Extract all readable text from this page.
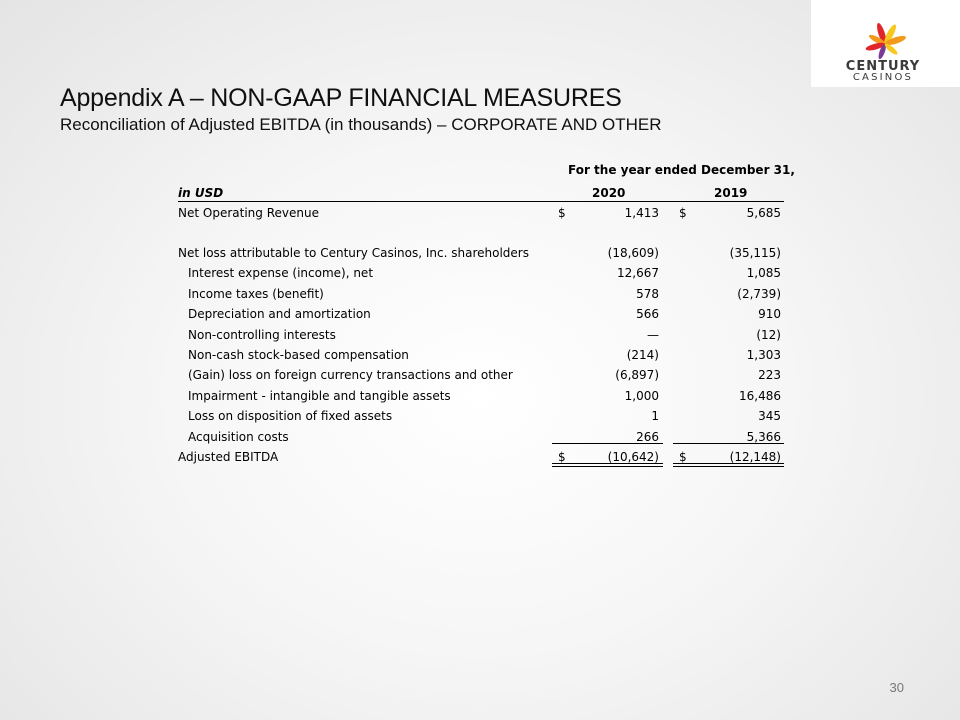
CENTURY
CASINOS
Appendix A – NON-GAAP FINANCIAL MEASURES
Reconciliation of Adjusted EBITDA (in thousands) – CORPORATE AND OTHER
For the year ended December 31,
in USD	2020	2019
Net Operating Revenue	1,413	5,685
$	$
Net loss attributable to Century Casinos, Inc. shareholders	(18,609)	(35,115)
Interest expense (income), net	12,667	1,085
Income taxes (benefit)	578	(2,739)
Depreciation and amortization	566	910
Non-controlling interests	—	(12)
Non-cash stock-based compensation	(214)	1,303
(Gain) loss on foreign currency transactions and other	(6,897)	223
Impairment - intangible and tangible assets	1,000	16,486
Loss on disposition of fixed assets	1	345
Acquisition costs	266	5,366
Adjusted EBITDA	(10,642)	(12,148)
$	$
30
